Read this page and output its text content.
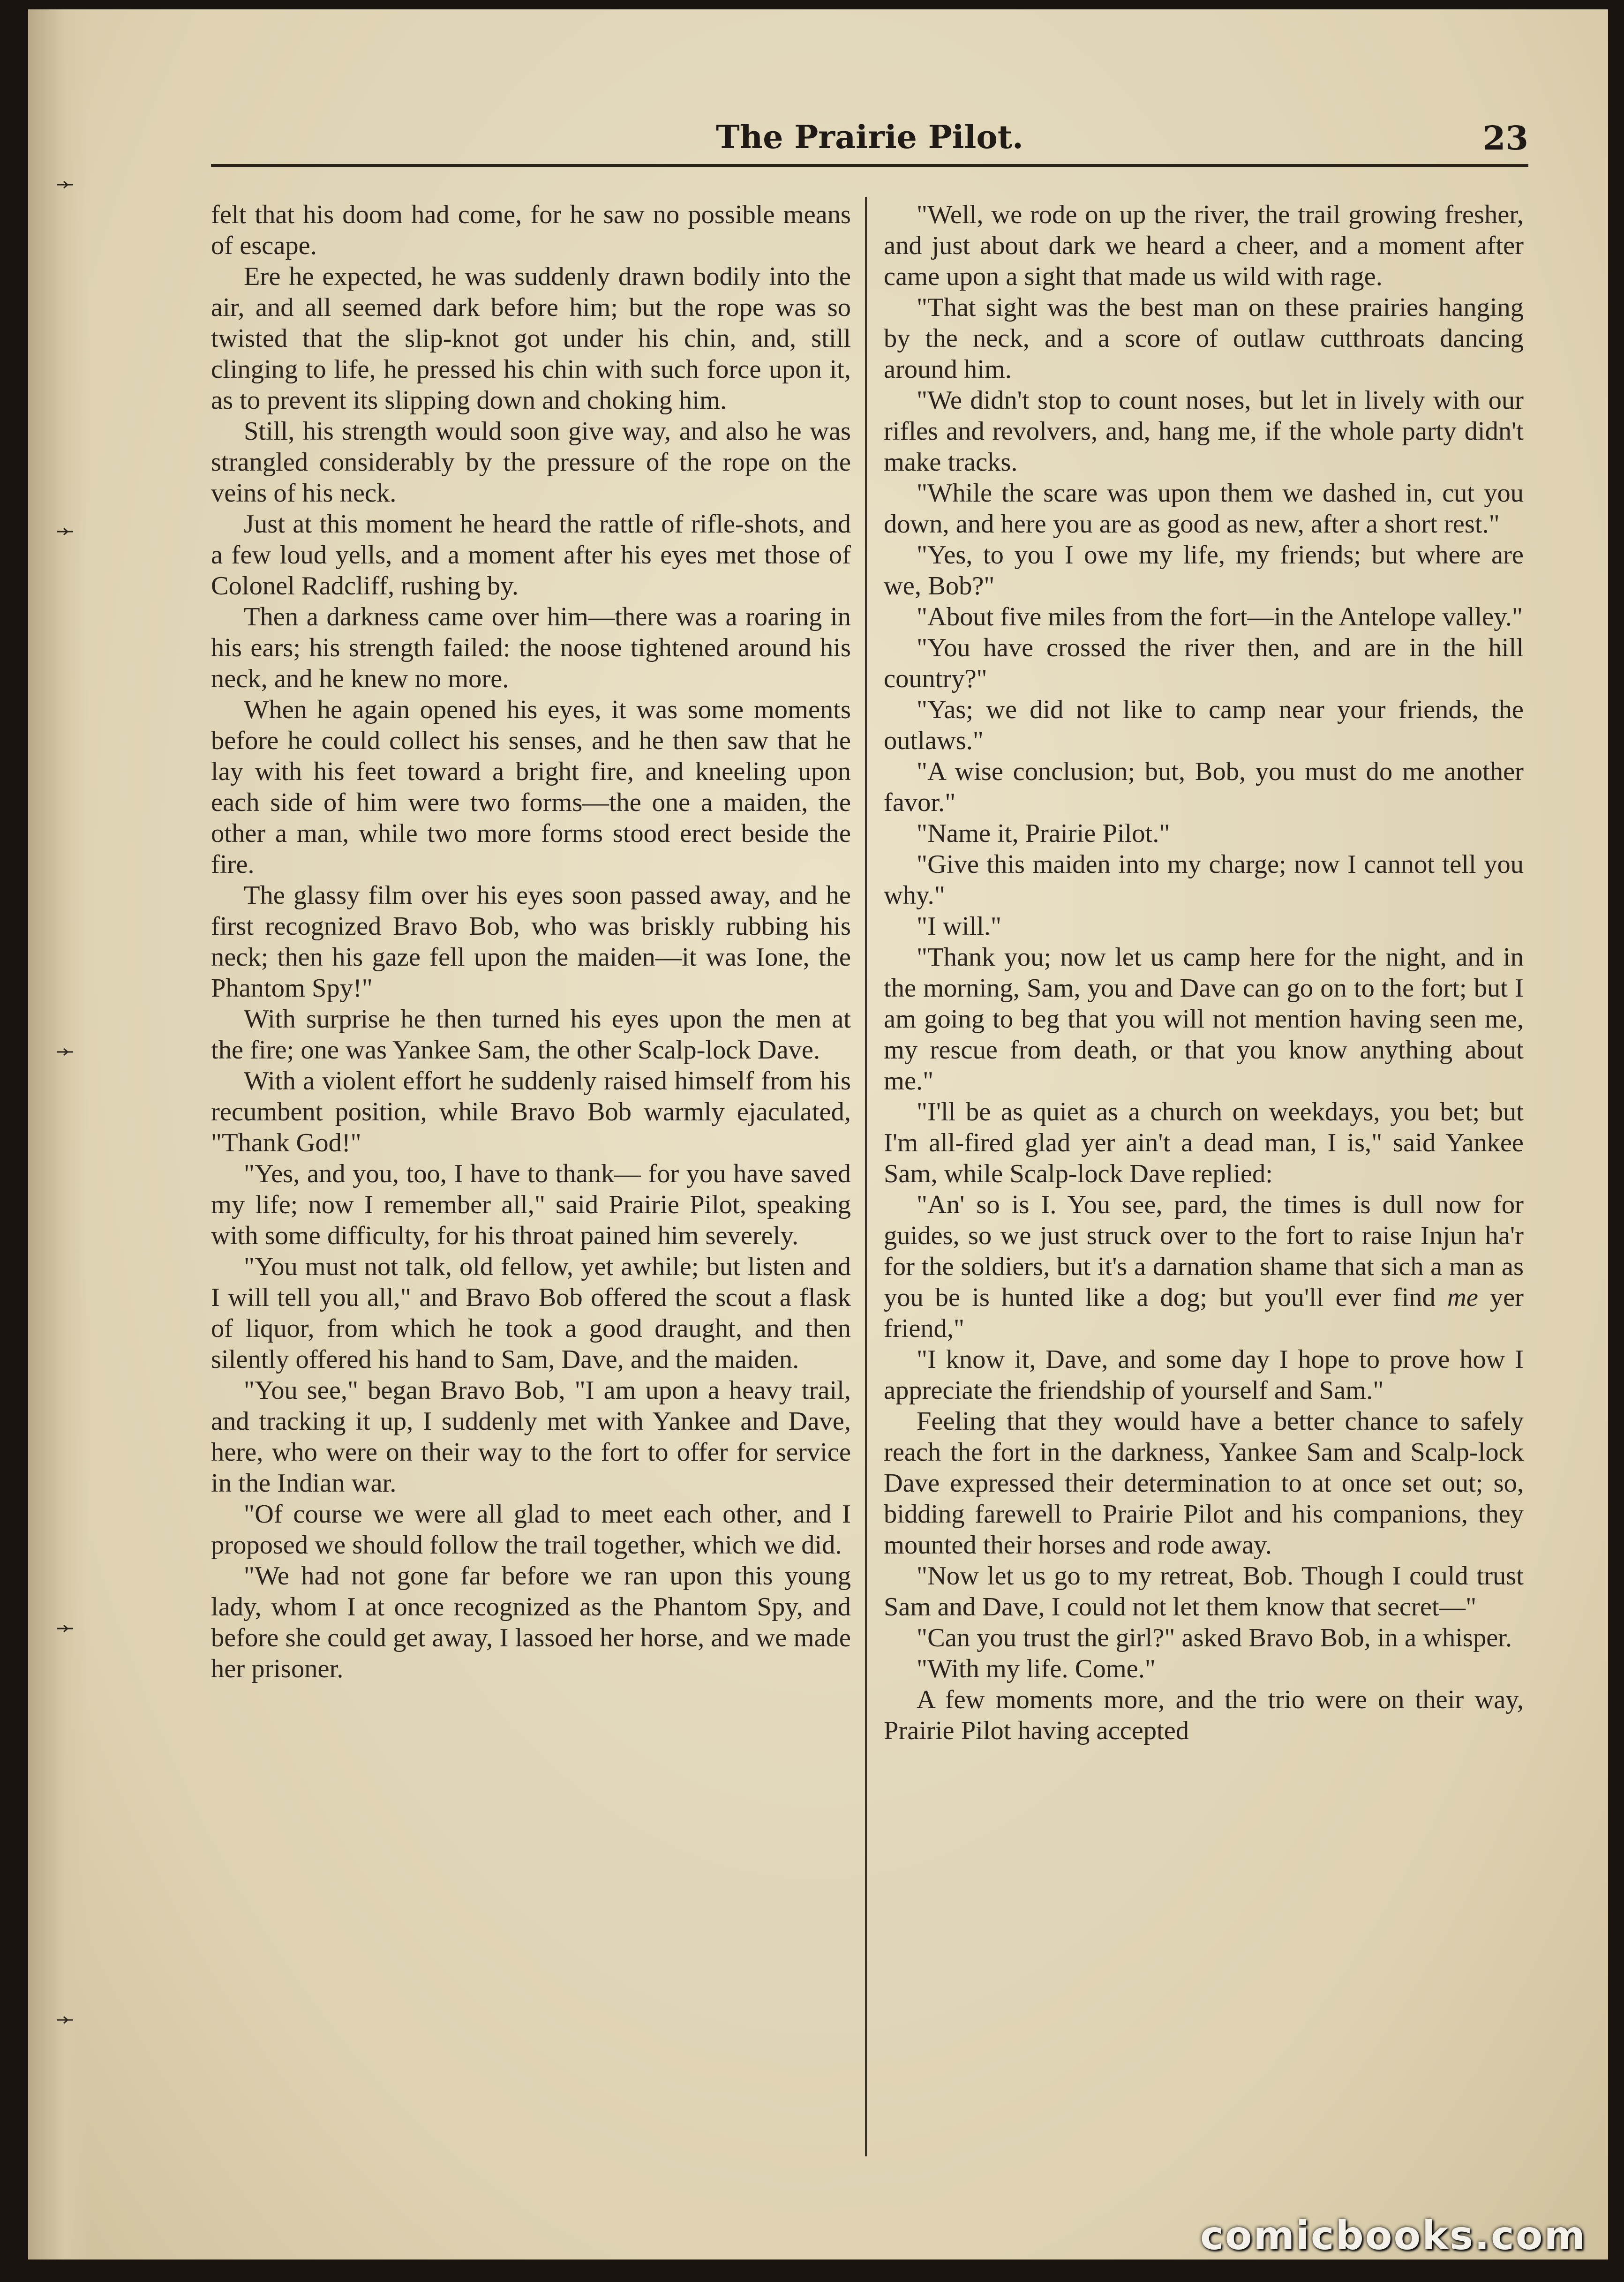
The Prairie Pilot.	23

felt that his doom had come, for he saw no possible means of escape.

Ere he expected, he was suddenly drawn bodily into the air, and all seemed dark before him; but the rope was so twisted that the slip-knot got under his chin, and, still clinging to life, he pressed his chin with such force upon it, as to prevent its slipping down and choking him.

Still, his strength would soon give way, and also he was strangled considerably by the pressure of the rope on the veins of his neck.

Just at this moment he heard the rattle of rifle-shots, and a few loud yells, and a moment after his eyes met those of Colonel Radcliff, rushing by.

Then a darkness came over him—there was a roaring in his ears; his strength failed: the noose tightened around his neck, and he knew no more.

When he again opened his eyes, it was some moments before he could collect his senses, and he then saw that he lay with his feet toward a bright fire, and kneeling upon each side of him were two forms—the one a maiden, the other a man, while two more forms stood erect beside the fire.

The glassy film over his eyes soon passed away, and he first recognized Bravo Bob, who was briskly rubbing his neck; then his gaze fell upon the maiden—it was Ione, the Phantom Spy!"

With surprise he then turned his eyes upon the men at the fire; one was Yankee Sam, the other Scalp-lock Dave.

With a violent effort he suddenly raised himself from his recumbent position, while Bravo Bob warmly ejaculated, "Thank God!"

"Yes, and you, too, I have to thank— for you have saved my life; now I remember all," said Prairie Pilot, speaking with some difficulty, for his throat pained him severely.

"You must not talk, old fellow, yet awhile; but listen and I will tell you all," and Bravo Bob offered the scout a flask of liquor, from which he took a good draught, and then silently offered his hand to Sam, Dave, and the maiden.

"You see," began Bravo Bob, "I am upon a heavy trail, and tracking it up, I suddenly met with Yankee and Dave, here, who were on their way to the fort to offer for service in the Indian war.

"Of course we were all glad to meet each other, and I proposed we should follow the trail together, which we did.

"We had not gone far before we ran upon this young lady, whom I at once recognized as the Phantom Spy, and before she could get away, I lassoed her horse, and we made her prisoner.

"Well, we rode on up the river, the trail growing fresher, and just about dark we heard a cheer, and a moment after came upon a sight that made us wild with rage.

"That sight was the best man on these prairies hanging by the neck, and a score of outlaw cutthroats dancing around him.

"We didn't stop to count noses, but let in lively with our rifles and revolvers, and, hang me, if the whole party didn't make tracks.

"While the scare was upon them we dashed in, cut you down, and here you are as good as new, after a short rest."

"Yes, to you I owe my life, my friends; but where are we, Bob?"

"About five miles from the fort—in the Antelope valley."

"You have crossed the river then, and are in the hill country?"

"Yas; we did not like to camp near your friends, the outlaws."

"A wise conclusion; but, Bob, you must do me another favor."

"Name it, Prairie Pilot."

"Give this maiden into my charge; now I cannot tell you why."

"I will."

"Thank you; now let us camp here for the night, and in the morning, Sam, you and Dave can go on to the fort; but I am going to beg that you will not mention having seen me, my rescue from death, or that you know anything about me."

"I'll be as quiet as a church on weekdays, you bet; but I'm all-fired glad yer ain't a dead man, I is," said Yankee Sam, while Scalp-lock Dave replied:

"An' so is I. You see, pard, the times is dull now for guides, so we just struck over to the fort to raise Injun ha'r for the soldiers, but it's a darnation shame that sich a man as you be is hunted like a dog; but you'll ever find me yer friend,"

"I know it, Dave, and some day I hope to prove how I appreciate the friendship of yourself and Sam."

Feeling that they would have a better chance to safely reach the fort in the darkness, Yankee Sam and Scalp-lock Dave expressed their determination to at once set out; so, bidding farewell to Prairie Pilot and his companions, they mounted their horses and rode away.

"Now let us go to my retreat, Bob. Though I could trust Sam and Dave, I could not let them know that secret—"

"Can you trust the girl?" asked Bravo Bob, in a whisper.

"With my life. Come."

A few moments more, and the trio were on their way, Prairie Pilot having accepted

comicbooks.com
